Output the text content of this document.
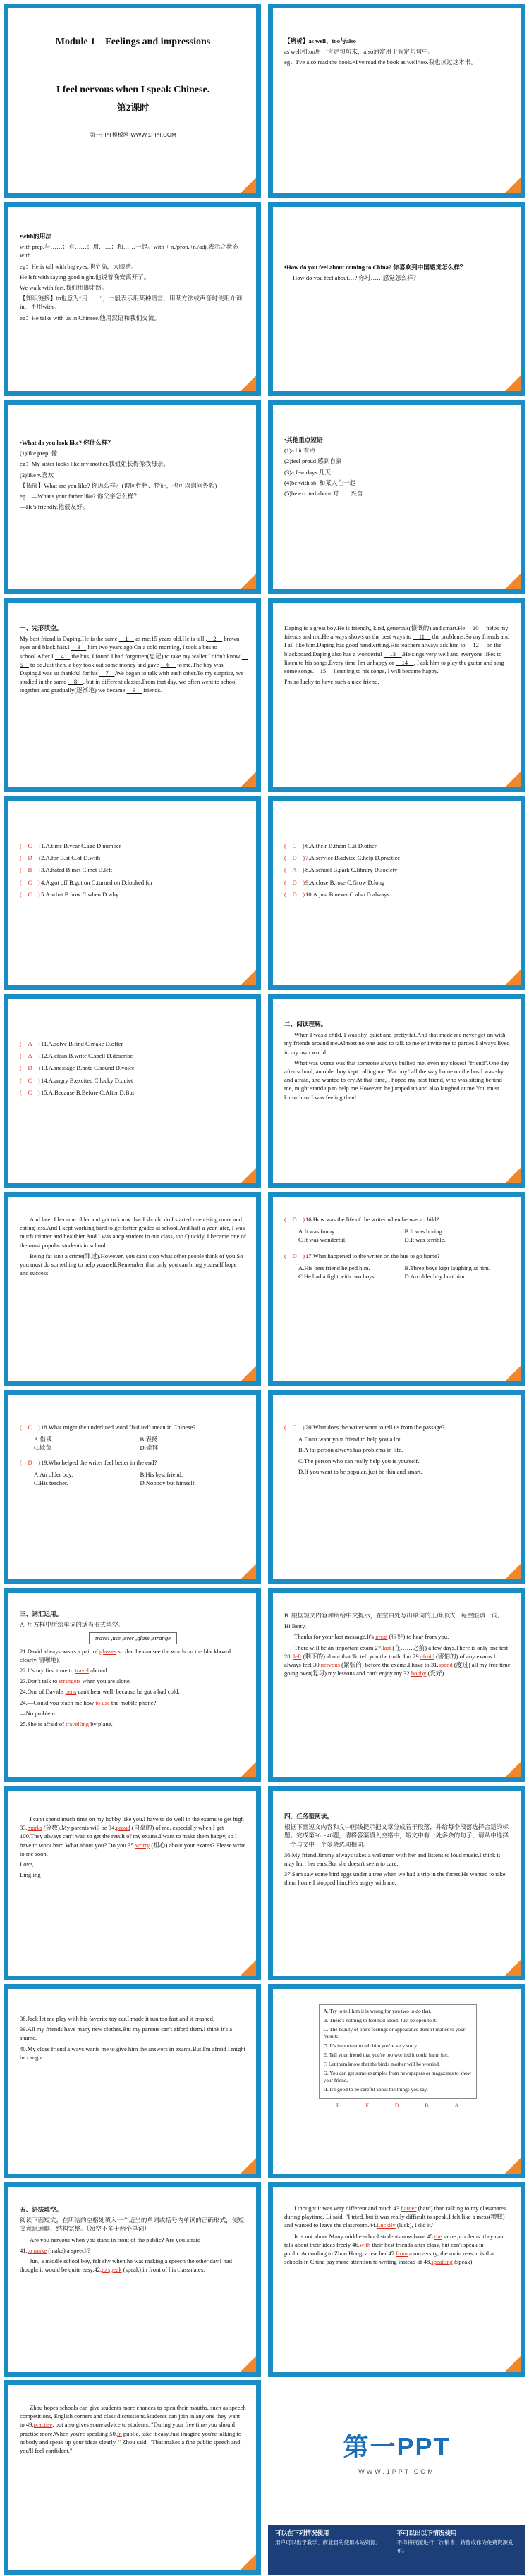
Module 1　Feelings and impressions
I feel nervous when I speak Chinese.
第2课时
第一PPT模板网-WWW.1PPT.COM

【辨析】as well、too与also

as well和too用于肯定句句末，also通常用于肯定句句中。

eg：I've also read the book.=I've read the book as well/too.我也读过这本书。

•with的用法

with prep.与……；有……；用……；和……一起。with + n./pron.+n./adj.表示之状态with…

eg：He is tall with big eyes.他个高，大眼睛。

He left with saying good night.他说着晚安离开了。

We walk with feet.我们用脚走路。

【知识链接】in也意为“用……”，一般表示用某种语言，用某方法或声音时使用介词in，不用with。

eg：He talks with us in Chinese.他用汉语和我们交流。

•How do you feel about coming to China? 你喜欢到中国感觉怎么样？

How do you feel about…? 你对……感觉怎么样？

•What do you look like? 你什么样？

(1)like prep. 像……

eg：My sister looks like my mother.我姐姐长得像我母亲。

(2)like v.喜欢

【拓展】What are you like? 你怎么样？(询问性格、特征，也可以询问外貌)

eg：—What's your father like? 你父亲怎么样？

—He's friendly.他很友好。

•其他重点短语

(1)a bit 有点

(2)feel proud 感到自豪

(3)a few days 几天

(4)be with sb. 和某人在一起

(5)be excited about 对……兴奋

一、完形填空。

My best friend is Daping.He is the same 　1　 as me.15 years old.He is tall ,　2　 brown eyes and black hair.I 　3　 him two years ago.On a cold morning, I took a bus to school.After I 　4　 the bus, I found I had forgotten(忘记) to take my wallet.I didn't know 　5　 to do.Just then, a boy took out some money and gave 　6　 to me.The boy was Daping.I was so thankful for his 　7　.We began to talk with each other.To my surprise, we studied in the same 　8　, but in different classes.From that day, we often went to school together and gradually(逐渐地) we became 　9　 friends.

Daping is a great boy.He is friendly, kind, generous(慷慨的) and smart.He 　10　 helps my friends and me.He always shows us the best ways to 　11　 the problems.So my friends and I all like him.Daping has good handwriting.His teachers always ask him to 　12　 on the blackboard.Daping also has a wonderful 　13　.He sings very well and everyone likes to listen to his songs.Every time I'm unhappy or 　14　, I ask him to play the guitar and sing some songs.　15　 listening to his songs, I will become happy.

I'm so lucky to have such a nice friend.

(　C　) 1.A.time B.year C.age D.number
(　D　) 2.A.for B.at C.of D.with
(　B　) 3.A.hated B.met C.met D.left
(　C　) 4.A.got off B.got on C.turned on D.looked for
(　C　) 5.A.what B.how C.when D.why
(　C　) 6.A.their B.them C.it D.other
(　D　) 7.A.service B.advice C.help D.practice
(　A　) 8.A.school B.park C.library D.society
(　D　) 9.A.close B.rose C.Grow D.long
(　D　) 10.A.just B.never C.also D.always
(　A　) 11.A.solve B.find C.make D.offer
(　A　) 12.A.clean B.write C.spell D.describe
(　D　) 13.A.message B.note C.sound D.voice
(　C　) 14.A.angry B.excited C.lucky D.quiet
(　C　) 15.A.Because B.Before C.After D.But

二、阅读理解。

When I was a child, I was shy, quiet and pretty fat.And that made me never get on with my friends around me.Almost no one used to talk to me or invite me to parties.I always lived in my own world.

What was worse was that someone always bullied me, even my closest "friend".One day after school, an older boy kept calling me "Fat boy" all the way home on the bus.I was shy and afraid, and wanted to cry.At that time, I hoped my best friend, who was sitting behind me, might stand up to help me.However, he jumped up and also laughed at me.You must know how I was feeling then!

And later I became older and got to know that I should do I started exercising more and eating less.And I kept working hard to get better grades at school.And half a year later, I was much thinner and healthier.And I was a top student in our class, too.Quickly, I became one of the most popular students in school.

Being fat isn't a crime(罪过).However, you can't stop what other people think of you.So you must do something to help yourself.Remember that only you can bring yourself hope and success.

(　D　) 16.How was the life of the writer when he was a child?
A.It was funny.	B.It was boring.
C.It was wonderful.	D.It was terrible.
(　D　) 17.What happened to the writer on the bus to go home?
A.His best friend helped him.	B.Three boys kept laughing at him.
C.He had a fight with two boys.	D.An older boy hurt him.
(　C　) 18.What might the underlined word "bullied" mean in Chinese?
A.借钱	B.表扬
C.欺负	D.崇拜
(　D　) 19.Who helped the writer feel better in the end?
A.An older boy.	B.His best friend.
C.His teacher.	D.Nobody but himself.
(　C　) 20.What does the writer want to tell us from the passage?

A.Don't want your friend to help you a lot.

B.A fat person always has problems in life.

C.The person who can really help you is yourself.

D.If you want to be popular, just be thin and smart.

三、词汇运用。

A. 用方框中所给单词的适当形式填空。

travel ,use ,ever ,glass ,strange

21.David always wears a pair of glasses so that he can see the words on the blackboard clearly(清晰地).

22.It's my first time to travel abroad.

23.Don't talk to strangers when you are alone.

24.One of David's pens can't hear well, because he got a bad cold.

24.—Could you teach me how to use the mobile phone?

—No problem.

25.She is afraid of travelling by plane.

B. 根据短文内容和所给中文提示，在空白处写出单词的正确形式，每空限填一词。

Hi Betty,

Thanks for your last message.It's great (很好) to hear from you.

There will be an important exam 27.last (在……之前) a few days.There is only one test 28. left (剩下的) about that.To tell you the truth, I'm 29.afraid (害怕的) of any exams.I always feel 30.nervous (紧张的) before the exams.I have to 31.spend (度过) all my free time going over(复习) my lessons and can't enjoy my 32.hobby (爱好).

I can't spend much time on my hobby like you.I have to do well in the exams to get high 33.marks (分数).My parents will be 34.proud (自豪的) of me, especially when I get 100.They always can't wait to get the result of my exams.I want to make them happy, so I have to work hard.What about you? Do you 35.worry (担心) about your exams? Please write to me soon.

Love,

Lingling

四、任务型阅读。

根据下面短文内容和文中画线提示把文章分成若干段落，并给每个段落选择合适的标题。完成第36～40题，请将答案填入空格中，短文中有一处多余的句子，请从中选择一个与文中一个多余选项相同。

36.My friend Jimmy always takes a walkman with her and listens to loud music.I think it may hurt her ears.But she doesn't seem to care.

37.Sam saw some bird eggs under a tree when we had a trip in the forest.He wanted to take them home.I stopped him.He's angry with me.

38.Jack let me play with his favorite toy car.I made it run too fast and it crashed.

39.All my friends have many new clothes.But my parents can't afford them.I think it's a shame.

40.My close friend always wants me to give him the answers in exams.But I'm afraid I might be caught.

A. Try to tell him it is wrong for you two to do that.

B. There's nothing to feel bad about. Just be open to it.

C. The beauty of one's feelings or appearance doesn't matter to your friends.

D. It's important to tell him you're very sorry.

E. Tell your friend that you're too worried it could harm her.

F. Let them know that the bird's mother will be worried.

G. You can get some examples from newspapers or magazines to show your friend.

H. It's good to be careful about the things you say.

E	F	D	B	A

五、语法填空。

阅读下面短文，在所给的空格处填入一个适当的单词或括号内单词的正确形式，使短文意思通顺、结构完整。（每空不多于两个单词）

Are you nervous when you stand in front of the public? Are you afraid

41.to make (make) a speech?

Jun, a middle school boy, felt shy when he was making a speech the other day.I had thought it would be quite easy.42.to speak (speak) in front of his classmates.

I thought it was very different and much 43.harder (hard) than talking to my classmates during playtime. Li said. "I tried, but it was really difficult to speak.I felt like a mess(糟糕) and wanted to leave the classroom.44.Luckily (luck), I did it."

It is not about.Many middle school students now have 45.the same problems. they can talk about their ideas freely 46.with their best friends after class, but can't speak in public.According to Zhou Hong, a teacher 47.from a university, the main reason is that schools in China pay more attention to writing instead of 48.speaking (speak).

Zhou hopes schools can give students more chances to open their mouths, such as speech competitions, English corners and class discussions.Students can join in any one they want to 49.practise, but also gives some advice to students. "During your free time you should practise more.When you're speaking 50.in public, take it easy.Just imagine you're talking to nobody and speak up your ideas clearly. " Zhou said. "That makes a fine public speech and you'll feel confident."	第一PPT
WWW.1PPT.COM
可以在下列情况使用
用户可以出于教学、商业目的使用本站资源。
不可以出以下情况使用
不得将资源进行二次销售、转售或作为免费资源发布。
